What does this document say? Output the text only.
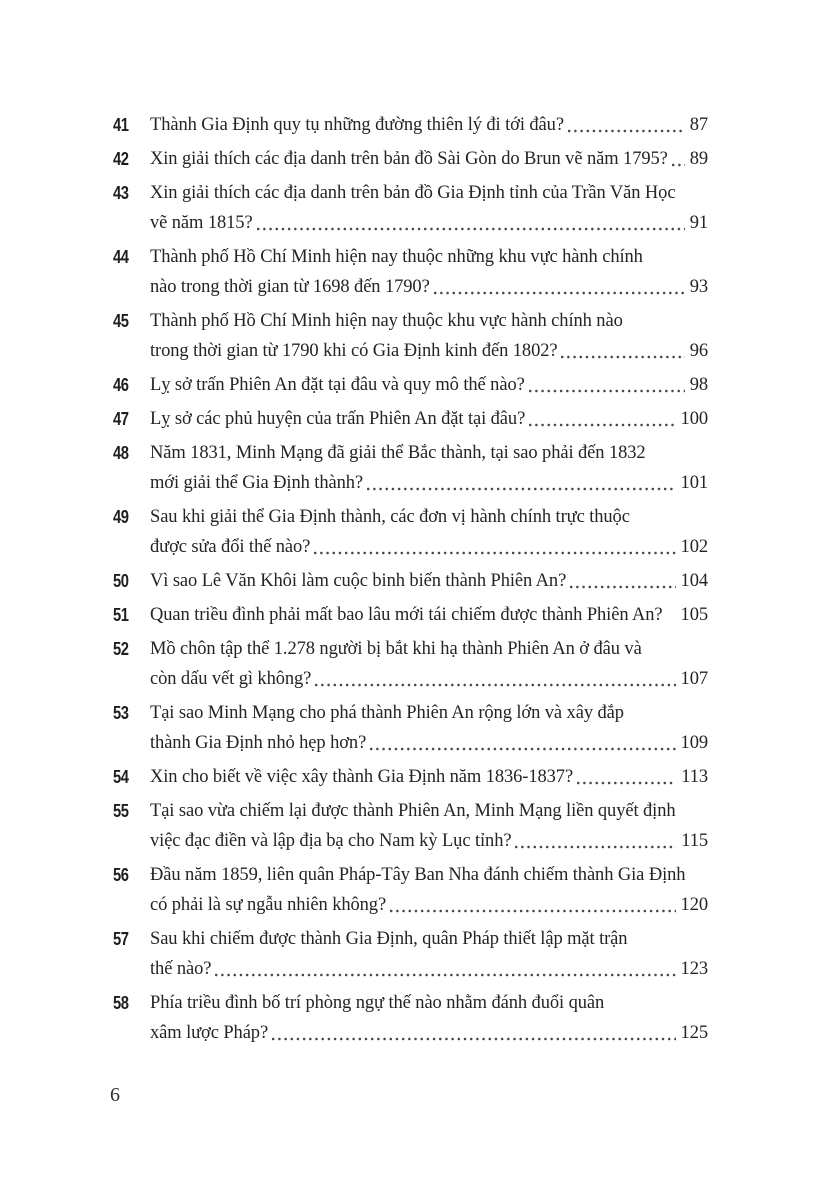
41	Thành Gia Định quy tụ những đường thiên lý đi tới đâu?	87
42	Xin giải thích các địa danh trên bản đồ Sài Gòn do Brun vẽ năm 1795? 89
43	Xin giải thích các địa danh trên bản đồ Gia Định tỉnh của Trần Văn Học
vẽ năm 1815?	91
44	Thành phố Hồ Chí Minh hiện nay thuộc những khu vực hành chính
nào trong thời gian từ 1698 đến 1790?	93
45	Thành phố Hồ Chí Minh hiện nay thuộc khu vực hành chính nào
trong thời gian từ 1790 khi có Gia Định kinh đến 1802?	96
46	Lỵ sở trấn Phiên An đặt tại đâu và quy mô thế nào?	98
47	Lỵ sở các phủ huyện của trấn Phiên An đặt tại đâu?	100
48	Năm 1831, Minh Mạng đã giải thể Bắc thành, tại sao phải đến 1832
mới giải thể Gia Định thành?	101
49	Sau khi giải thể Gia Định thành, các đơn vị hành chính trực thuộc
được sửa đổi thế nào?	102
50	Vì sao Lê Văn Khôi làm cuộc binh biến thành Phiên An?	104
51	Quan triều đình phải mất bao lâu mới tái chiếm được thành Phiên An? 105
52	Mồ chôn tập thể 1.278 người bị bắt khi hạ thành Phiên An ở đâu và
còn dấu vết gì không?	107
53	Tại sao Minh Mạng cho phá thành Phiên An rộng lớn và xây đắp
thành Gia Định nhỏ hẹp hơn?	109
54	Xin cho biết về việc xây thành Gia Định năm 1836-1837?	113
55	Tại sao vừa chiếm lại được thành Phiên An, Minh Mạng liền quyết định
việc đạc điền và lập địa bạ cho Nam kỳ Lục tỉnh?	115
56	Đầu năm 1859, liên quân Pháp-Tây Ban Nha đánh chiếm thành Gia Định
có phải là sự ngẫu nhiên không?	120
57	Sau khi chiếm được thành Gia Định, quân Pháp thiết lập mặt trận
thế nào?	123
58	Phía triều đình bố trí phòng ngự thế nào nhằm đánh đuổi quân
xâm lược Pháp?	125
6
